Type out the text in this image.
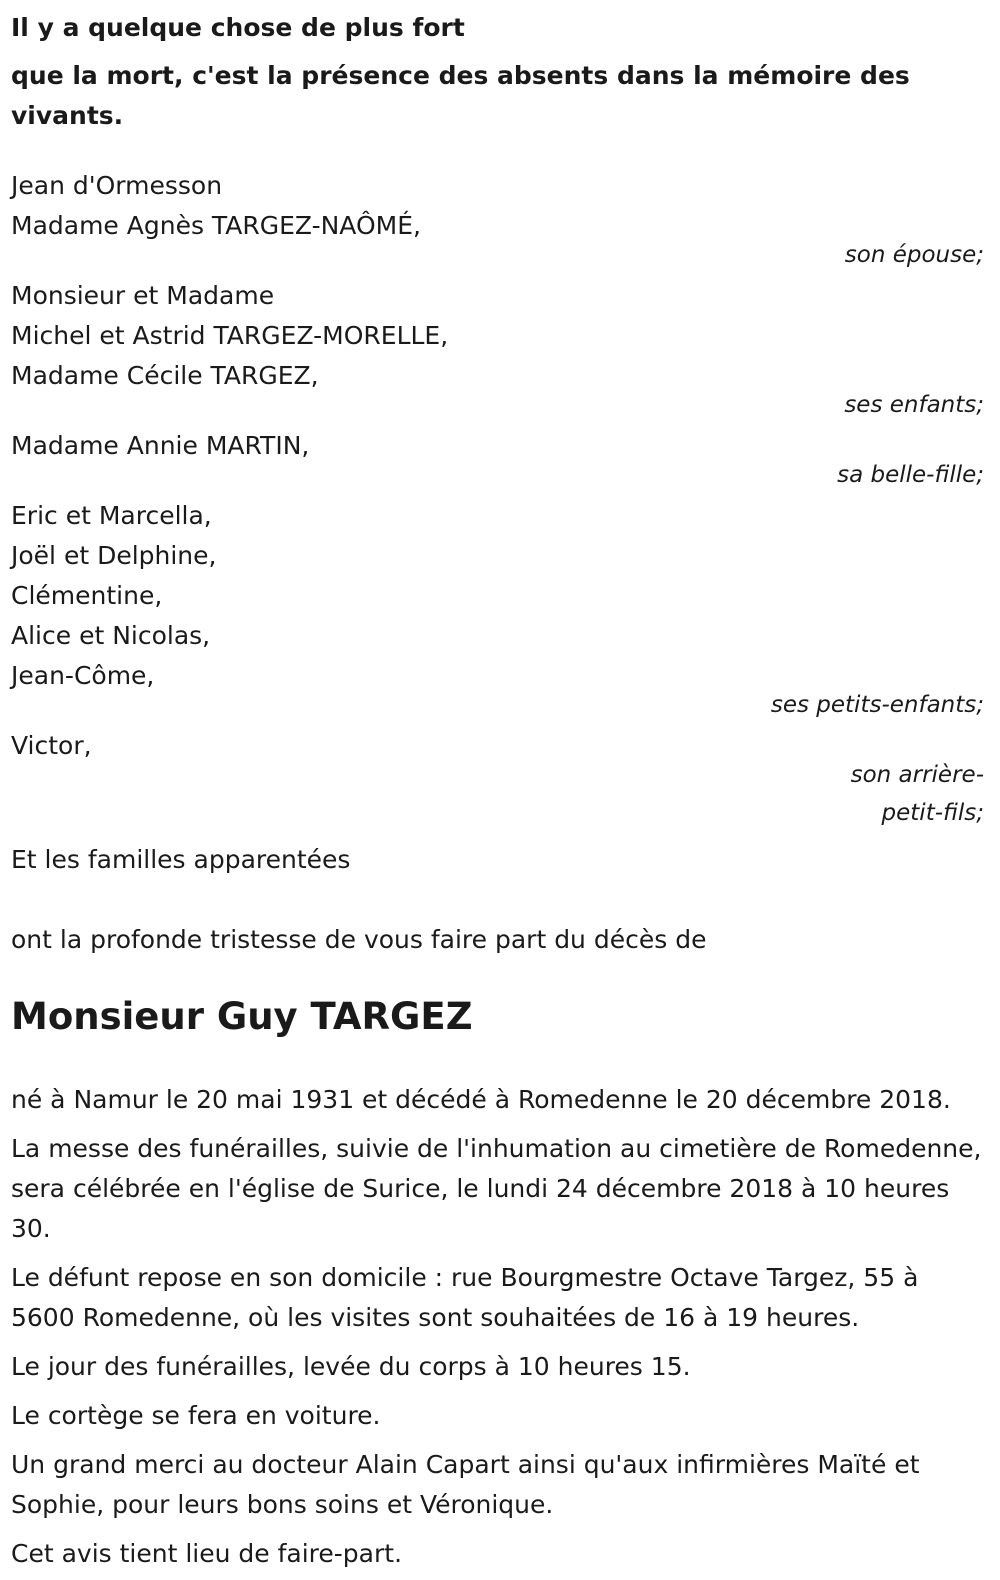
Il y a quelque chose de plus fort
que la mort, c'est la présence des absents dans la mémoire des vivants.

Jean d'Ormesson
Madame Agnès TARGEZ-NAÔMÉ,
son épouse;
Monsieur et Madame
Michel et Astrid TARGEZ-MORELLE,
Madame Cécile TARGEZ,
ses enfants;
Madame Annie MARTIN,
sa belle-fille;
Eric et Marcella,
Joël et Delphine,
Clémentine,
Alice et Nicolas,
Jean-Côme,
ses petits-enfants;
Victor,
son arrière-
petit-fils;
Et les familles apparentées
ont la profonde tristesse de vous faire part du décès de
Monsieur Guy TARGEZ
né à Namur le 20 mai 1931 et décédé à Romedenne le 20 décembre 2018.
La messe des funérailles, suivie de l'inhumation au cimetière de Romedenne, sera célébrée en l'église de Surice, le lundi 24 décembre 2018 à 10 heures 30.
Le défunt repose en son domicile : rue Bourgmestre Octave Targez, 55 à 5600 Romedenne, où les visites sont souhaitées de 16 à 19 heures.
Le jour des funérailles, levée du corps à 10 heures 15.
Le cortège se fera en voiture.
Un grand merci au docteur Alain Capart ainsi qu'aux infirmières Maïté et Sophie, pour leurs bons soins et Véronique.
Cet avis tient lieu de faire-part.
